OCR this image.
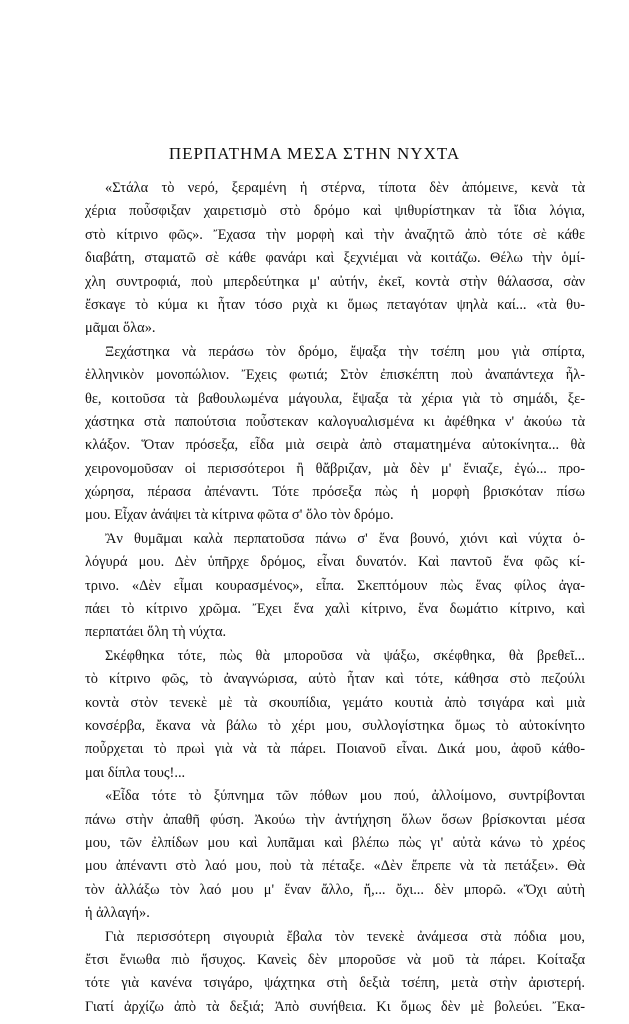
ΠΕΡΠΑΤΗΜΑ ΜΕΣΑ ΣΤΗΝ ΝΥΧΤΑ
«Στάλα τὸ νερό, ξεραμένη ἡ στέρνα, τίποτα δὲν ἀπόμεινε, κενὰ τὰ
χέρια ποὖσφιξαν χαιρετισμὸ στὸ δρόμο καὶ ψιθυρίστηκαν τὰ ἴδια λόγια,
στὸ κίτρινο φῶς». Ἔχασα τὴν μορφὴ καὶ τὴν ἀναζητῶ ἀπὸ τότε σὲ κάθε
διαβάτη, σταματῶ σὲ κάθε φανάρι καὶ ξεχνιέμαι νὰ κοιτάζω. Θέλω τὴν ὁμί-
χλη συντροφιά, ποὺ μπερδεύτηκα μ' αὐτήν, ἐκεῖ, κοντὰ στὴν θάλασσα, σὰν
ἔσκαγε τὸ κύμα κι ἦταν τόσο ριχὰ κι ὅμως πεταγόταν ψηλὰ καί... «τὰ θυ-
μᾶμαι ὅλα».
Ξεχάστηκα νὰ περάσω τὸν δρόμο, ἔψαξα τὴν τσέπη μου γιὰ σπίρτα,
ἑλληνικὸν μονοπώλιον. Ἔχεις φωτιά; Στὸν ἐπισκέπτη ποὺ ἀναπάντεχα ἦλ-
θε, κοιτοῦσα τὰ βαθουλωμένα μάγουλα, ἔψαξα τὰ χέρια γιὰ τὸ σημάδι, ξε-
χάστηκα στὰ παπούτσια ποὖστεκαν καλογυαλισμένα κι ἀφέθηκα ν' ἀκούω τὰ
κλάξον. Ὅταν πρόσεξα, εἶδα μιὰ σειρὰ ἀπὸ σταματημένα αὐτοκίνητα... θὰ
χειρονομοῦσαν οἱ περισσότεροι ἢ θἄβριζαν, μὰ δὲν μ' ἔνιαζε, ἐγώ... προ-
χώρησα, πέρασα ἀπέναντι. Τότε πρόσεξα πὼς ἡ μορφὴ βρισκόταν πίσω
μου. Εἶχαν ἀνάψει τὰ κίτρινα φῶτα σ' ὅλο τὸν δρόμο.
Ἂν θυμᾶμαι καλὰ περπατοῦσα πάνω σ' ἕνα βουνό, χιόνι καὶ νύχτα ὁ-
λόγυρά μου. Δὲν ὑπῆρχε δρόμος, εἶναι δυνατόν. Καὶ παντοῦ ἕνα φῶς κί-
τρινο. «Δὲν εἶμαι κουρασμένος», εἶπα. Σκεπτόμουν πὼς ἕνας φίλος ἀγα-
πάει τὸ κίτρινο χρῶμα. Ἔχει ἕνα χαλὶ κίτρινο, ἕνα δωμάτιο κίτρινο, καὶ
περπατάει ὅλη τὴ νύχτα.
Σκέφθηκα τότε, πὼς θὰ μποροῦσα νὰ ψάξω, σκέφθηκα, θὰ βρεθεῖ...
τὸ κίτρινο φῶς, τὸ ἀναγνώρισα, αὐτὸ ἦταν καὶ τότε, κάθησα στὸ πεζούλι
κοντὰ στὸν τενεκὲ μὲ τὰ σκουπίδια, γεμάτο κουτιὰ ἀπὸ τσιγάρα καὶ μιὰ
κονσέρβα, ἔκανα νὰ βάλω τὸ χέρι μου, συλλογίστηκα ὅμως τὸ αὐτοκίνητο
ποὖρχεται τὸ πρωὶ γιὰ νὰ τὰ πάρει. Ποιανοῦ εἶναι. Δικά μου, ἀφοῦ κάθο-
μαι δίπλα τους!...
«Εἶδα τότε τὸ ξύπνημα τῶν πόθων μου πού, ἀλλοίμονο, συντρίβονται
πάνω στὴν ἀπαθῆ φύση. Ἀκούω τὴν ἀντήχηση ὅλων ὅσων βρίσκονται μέσα
μου, τῶν ἐλπίδων μου καὶ λυπᾶμαι καὶ βλέπω πὼς γι' αὐτὰ κάνω τὸ χρέος
μου ἀπέναντι στὸ λαό μου, ποὺ τὰ πέταξε. «Δὲν ἔπρεπε νὰ τὰ πετάξει». Θὰ
τὸν ἀλλάξω τὸν λαό μου μ' ἕναν ἄλλο, ἤ,... ὄχι... δὲν μπορῶ. «Ὄχι αὐτὴ
ἡ ἀλλαγή».
Γιὰ περισσότερη σιγουριὰ ἔβαλα τὸν τενεκὲ ἀνάμεσα στὰ πόδια μου,
ἔτσι ἔνιωθα πιὸ ἥσυχος. Κανεὶς δὲν μποροῦσε νὰ μοῦ τὰ πάρει. Κοίταξα
τότε γιὰ κανένα τσιγάρο, ψάχτηκα στὴ δεξιὰ τσέπη, μετὰ στὴν ἀριστερή.
Γιατί ἀρχίζω ἀπὸ τὰ δεξιά; Ἀπὸ συνήθεια. Κι ὅμως δὲν μὲ βολεύει. Ἔκα-
